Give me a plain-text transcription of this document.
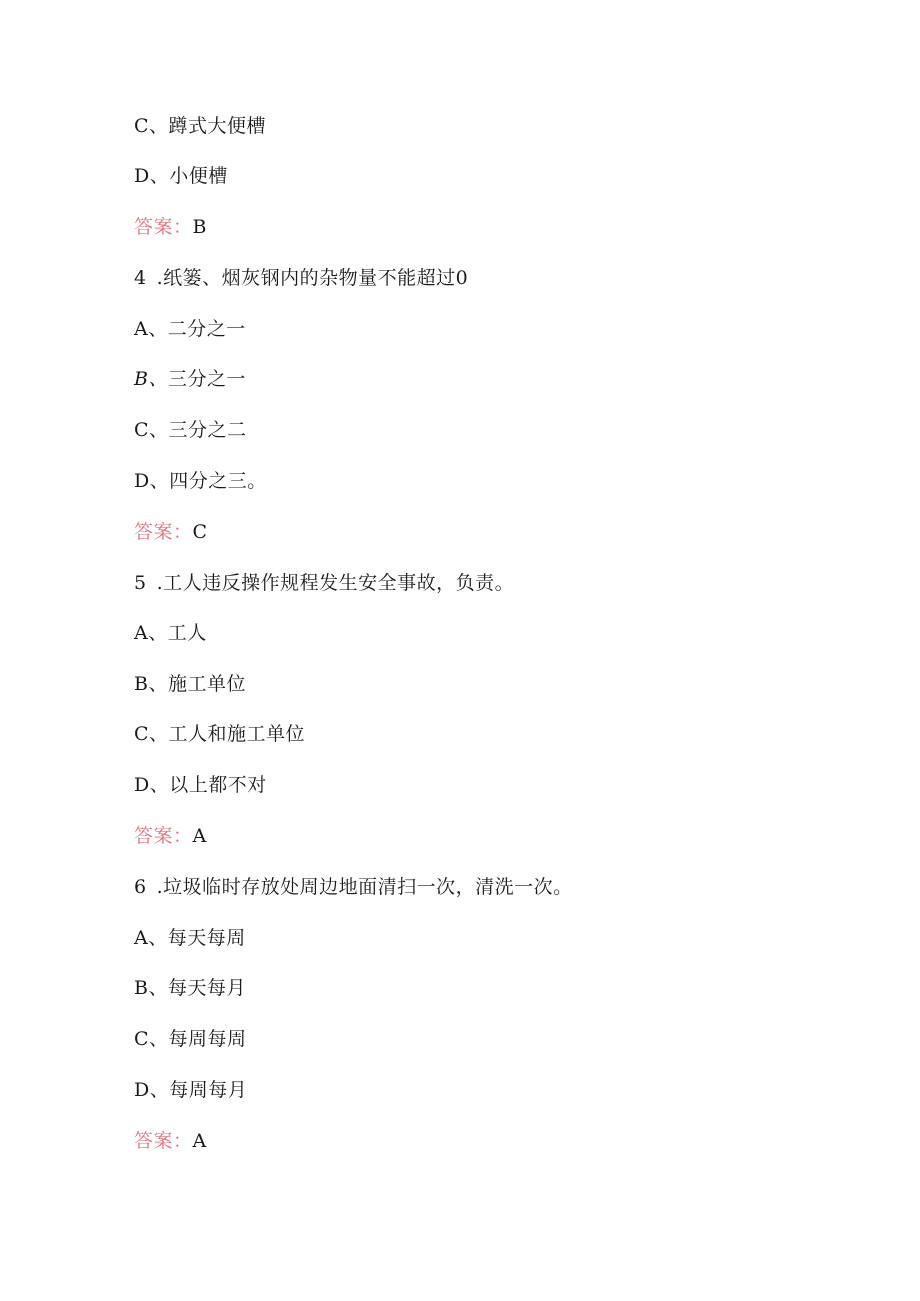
C、蹲式大便槽
D、小便槽
答案：B
4 .纸篓、烟灰钢内的杂物量不能超过0
A、二分之一
B、三分之一
C、三分之二
D、四分之三。
答案：C
5 .工人违反操作规程发生安全事故，负责。
A、工人
B、施工单位
C、工人和施工单位
D、以上都不对
答案：A
6 .垃圾临时存放处周边地面清扫一次，清洗一次。
A、每天每周
B、每天每月
C、每周每周
D、每周每月
答案：A
